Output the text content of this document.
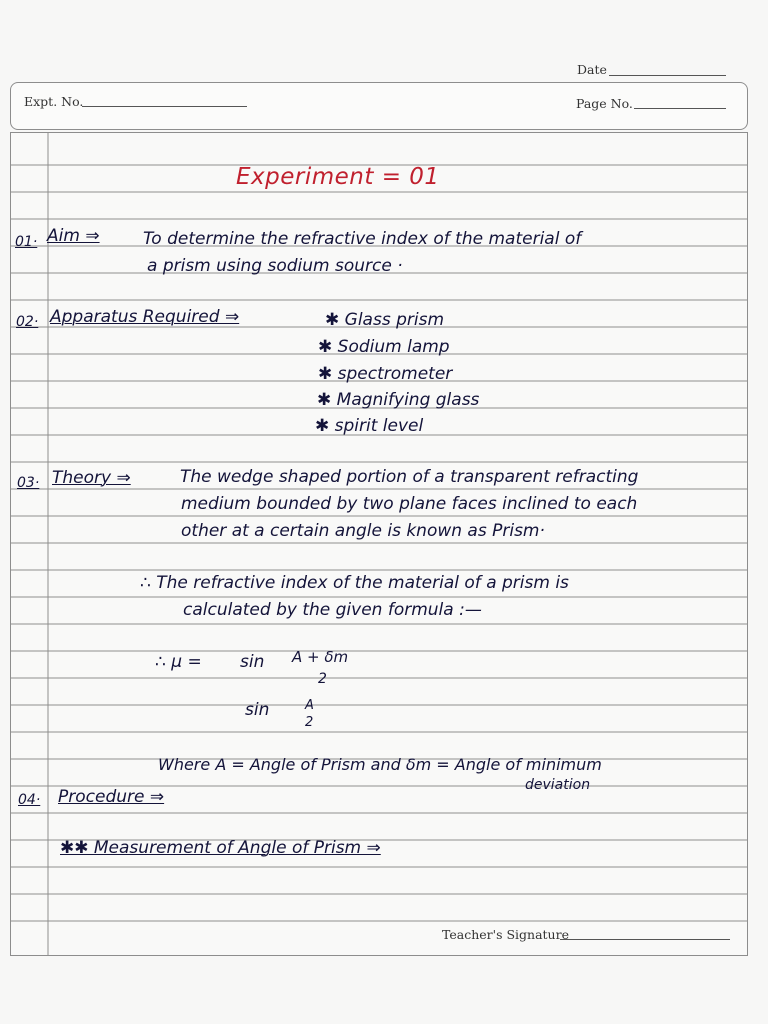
Date
Expt. No.	Page No.
Experiment = 01
01· Aim ⇒	To determine the refractive index of the material of
a prism using sodium source ·
02· Apparatus Required ⇒	✱ Glass prism
✱ Sodium lamp
✱ spectrometer
✱ Magnifying glass
✱ spirit level
03· Theory ⇒	The wedge shaped portion of a transparent refracting
medium bounded by two plane faces inclined to each
other at a certain angle is known as Prism·
∴ The refractive index of the material of a prism is
calculated by the given formula :—
∴ μ = sin A + δm
2
sin	A
2
Where A = Angle of Prism and δm = Angle of minimum
deviation
04· Procedure ⇒
✱✱ Measurement of Angle of Prism ⇒
Teacher's Signature
